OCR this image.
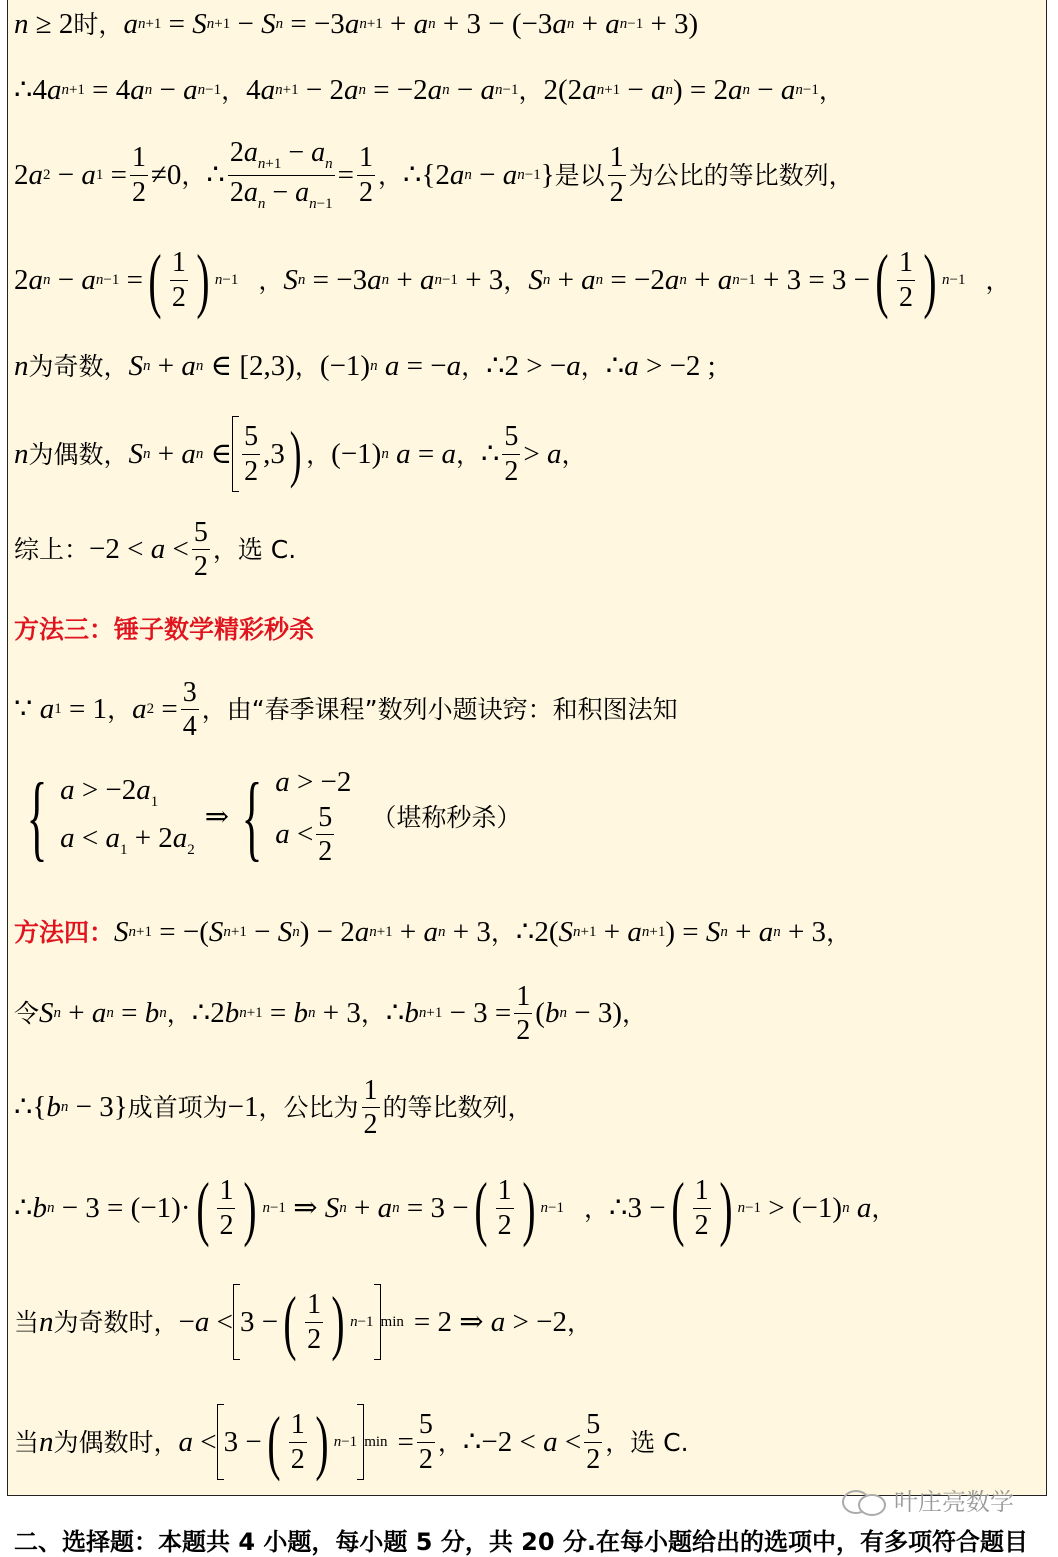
n ≥ 2 时， a n +1 = S n +1 − S n = −3 a n +1 + a n + 3 − (−3 a n + a n −1 + 3)
∴ 4 a n +1 = 4 a n − a n −1 ， 4 a n +1 − 2 a n = −2 a n − a n −1 ， 2(2 a n +1 − a n ) = 2 a n − a n −1 ，
2 a 2 − a $1 = \frac{1}{2} \ne 0$ ， ∴ $\frac{2a_{n+1} - a_n}{2a_n - a_{n-1}} = \frac{1}{2}$ ， ∴ {2 a n − a n −1 } 是以 $\frac{1}{2}$ 为公比的等比数列，
2 a n − a n −1 = ( $\frac{1}{2}$ ) n −1 ， S n = −3 a n + a n −1 + 3 ， S n + a n = −2 a n + a n −1 + 3 = 3 − ( $\frac{1}{2}$ ) n −1 ，
n 为奇数， S n + a n ∈ [2,3) ， (−1) n
a = − a ， ∴ 2 > − a ， ∴ a > −2 ;
n 为偶数， S n + a n ∈ $\frac{5}{2} ,3$ ) ， (−1) n
a = a ， ∴ $\frac{5}{2} > a$ ，
综上： $-2 < a < \frac{5}{2}$ ，选 C.
方法三：锤子数学精彩秒杀
∵
a 1 = 1 ， a $2 = \frac{3}{4}$ ，由“春季课程”数列小题诀窍：和积图法知
{ $a > -2a_1$
$a < a_1 + 2a_2$
⇒ { a > −2
$a < \frac{5}{2}$ （堪称秒杀）
方法四： S n +1 = −( S n +1 − S n ) − 2 a n +1 + a n + 3 ， ∴ 2( S n +1 + a n +1 ) = S n + a n + 3 ，
令 S n + a n = b n ， ∴ 2 b n +1 = b n + 3 ， ∴ b $n +1 - 3 = \frac{1}{2}$ ( b n − 3) ，
∴ { b n − 3} 成首项为 −1 ，公比为 $\frac{1}{2}$ 的等比数列，
∴ b n − 3 = (−1)· ( $\frac{1}{2}$ ) n −1 ⇒ S n + a n = 3 − ( $\frac{1}{2}$ ) n −1 ， ∴ 3 − ( $\frac{1}{2}$ ) n −1 > (−1) n
a ，
当 n 为奇数时， − a <
3 − ( $\frac{1}{2}$ ) n −1 min = 2 ⇒ a > −2 ，
当 n 为偶数时， a <
3 − ( $\frac{1}{2}$ ) n −1 $\min = \frac{5}{2}$ ， ∴ $-2 < a < \frac{5}{2}$ ，选 C.
叶庄亮数学
二、选择题：本题共 4 小题，每小题 5 分，共 20 分.在每小题给出的选项中，有多项符合题目
